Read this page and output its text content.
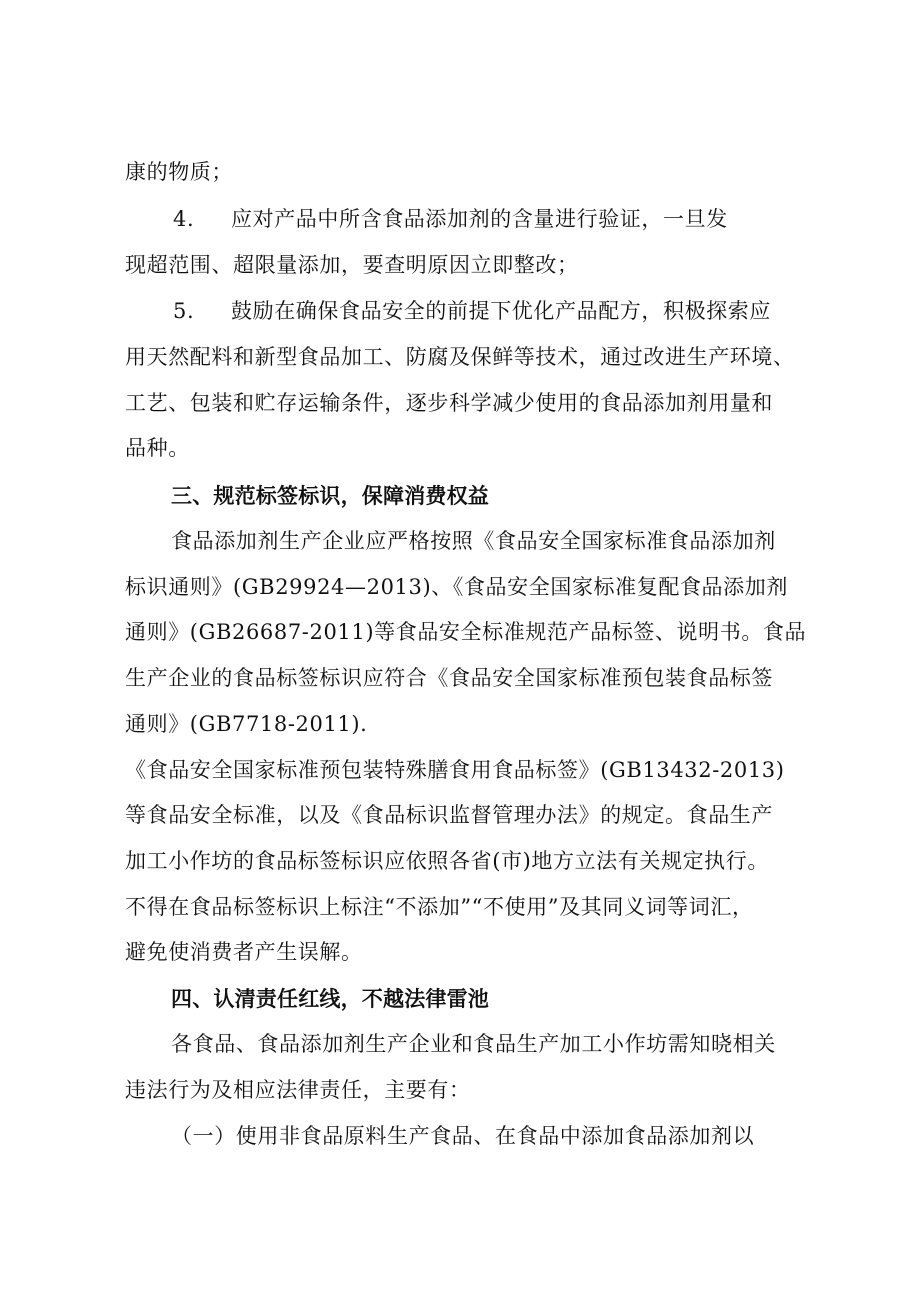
康的物质；

4. 应对产品中所含食品添加剂的含量进行验证，一旦发

现超范围、超限量添加，要查明原因立即整改；

5. 鼓励在确保食品安全的前提下优化产品配方，积极探索应

用天然配料和新型食品加工、防腐及保鲜等技术，通过改进生产环境、

工艺、包装和贮存运输条件，逐步科学减少使用的食品添加剂用量和

品种。

三、规范标签标识，保障消费权益

食品添加剂生产企业应严格按照《食品安全国家标准食品添加剂

标识通则》(GB29924—2013)、《食品安全国家标准复配食品添加剂

通则》(GB26687-2011)等食品安全标准规范产品标签、说明书。食品

生产企业的食品标签标识应符合《食品安全国家标准预包装食品标签

通则》(GB7718-2011).

《食品安全国家标准预包装特殊膳食用食品标签》(GB13432-2013)

等食品安全标准，以及《食品标识监督管理办法》的规定。食品生产

加工小作坊的食品标签标识应依照各省(市)地方立法有关规定执行。

不得在食品标签标识上标注“不添加”“不使用”及其同义词等词汇，

避免使消费者产生误解。

四、认清责任红线，不越法律雷池

各食品、食品添加剂生产企业和食品生产加工小作坊需知晓相关

违法行为及相应法律责任，主要有：

（一）使用非食品原料生产食品、在食品中添加食品添加剂以
